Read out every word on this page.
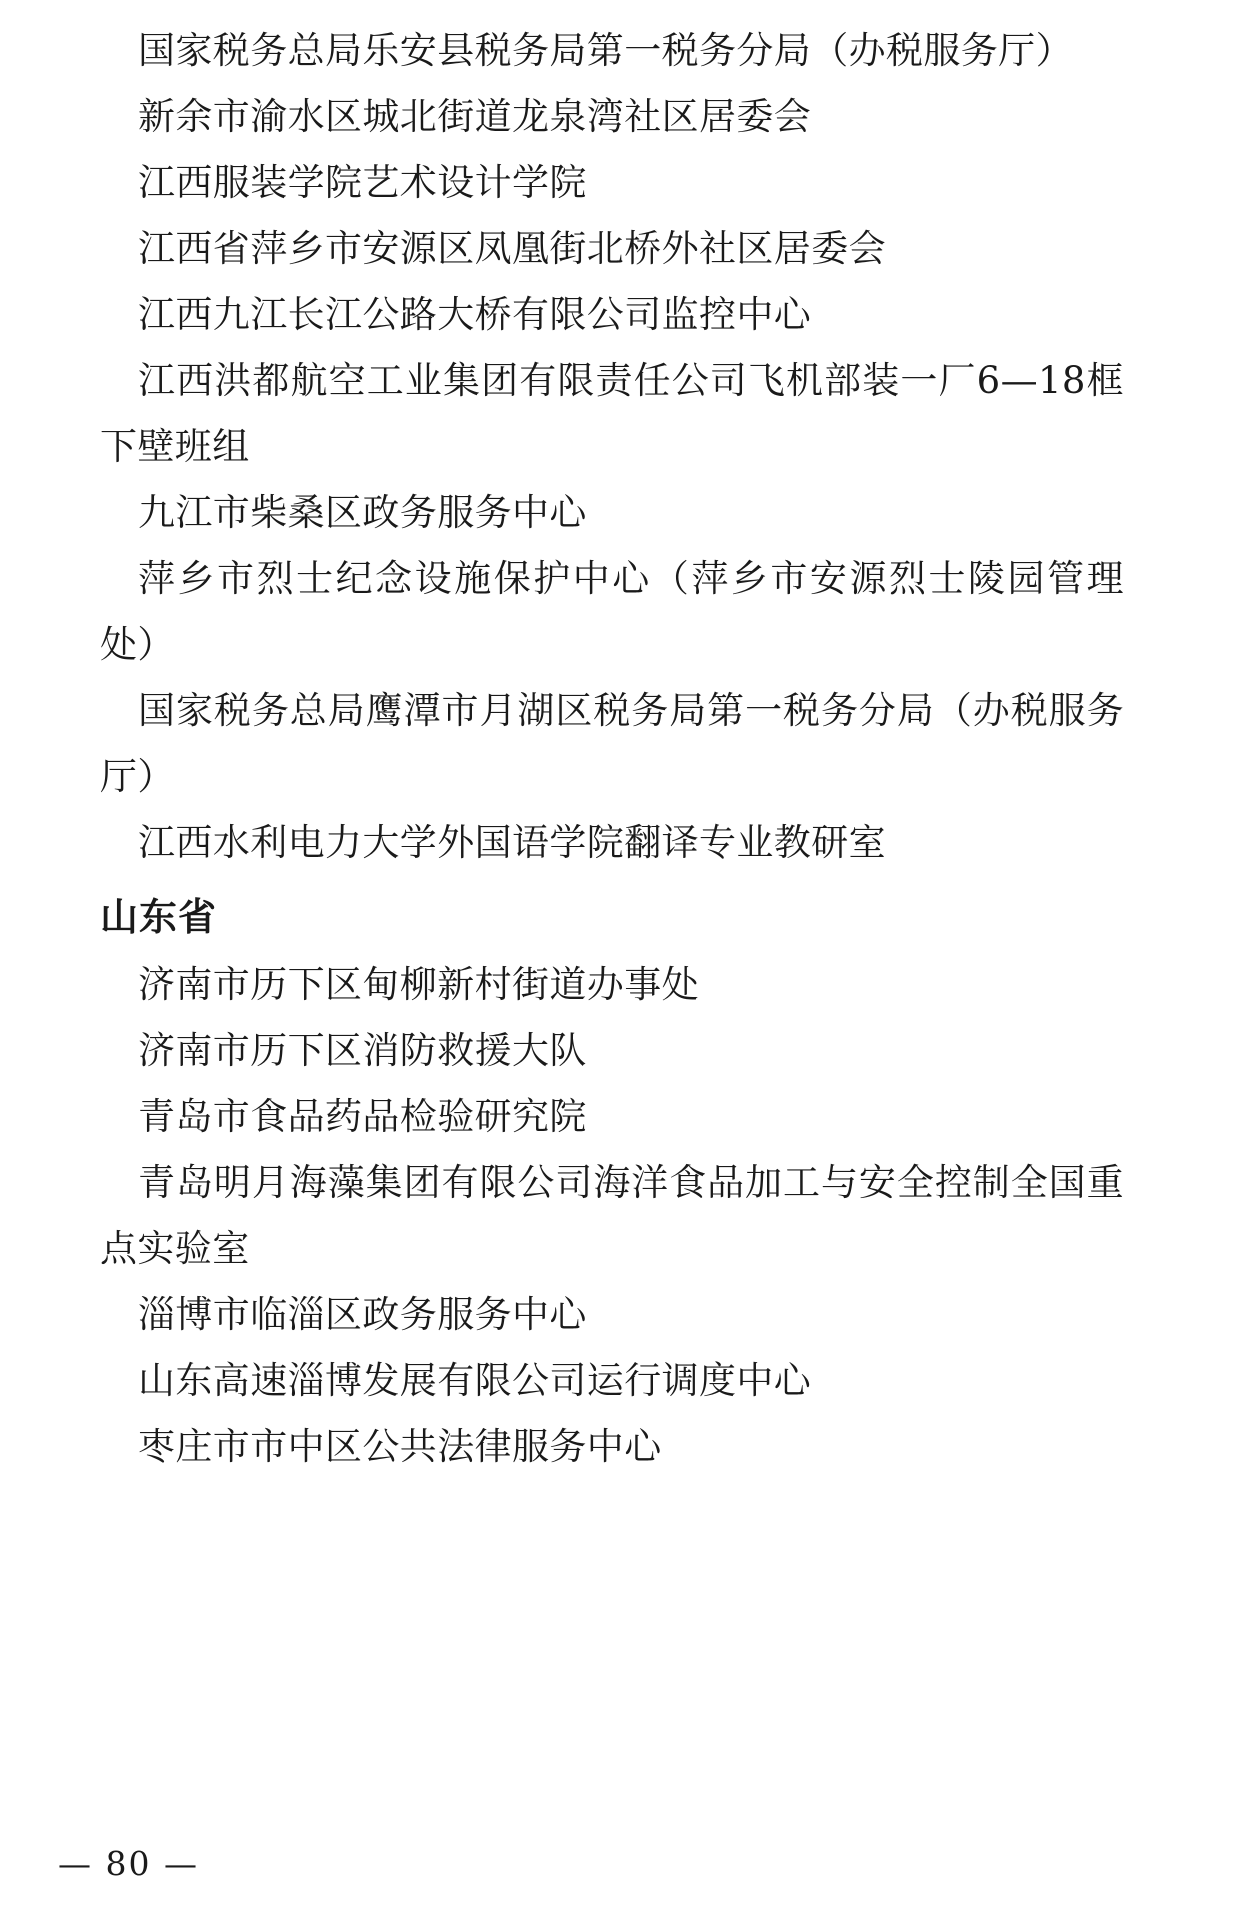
国家税务总局乐安县税务局第一税务分局（办税服务厅）
新余市渝水区城北街道龙泉湾社区居委会
江西服装学院艺术设计学院
江西省萍乡市安源区凤凰街北桥外社区居委会
江西九江长江公路大桥有限公司监控中心
江西洪都航空工业集团有限责任公司飞机部装一厂6—18框下壁班组
九江市柴桑区政务服务中心
萍乡市烈士纪念设施保护中心（萍乡市安源烈士陵园管理处）
国家税务总局鹰潭市月湖区税务局第一税务分局（办税服务厅）
江西水利电力大学外国语学院翻译专业教研室
山东省
济南市历下区甸柳新村街道办事处
济南市历下区消防救援大队
青岛市食品药品检验研究院
青岛明月海藻集团有限公司海洋食品加工与安全控制全国重点实验室
淄博市临淄区政务服务中心
山东高速淄博发展有限公司运行调度中心
枣庄市市中区公共法律服务中心
— 80 —
